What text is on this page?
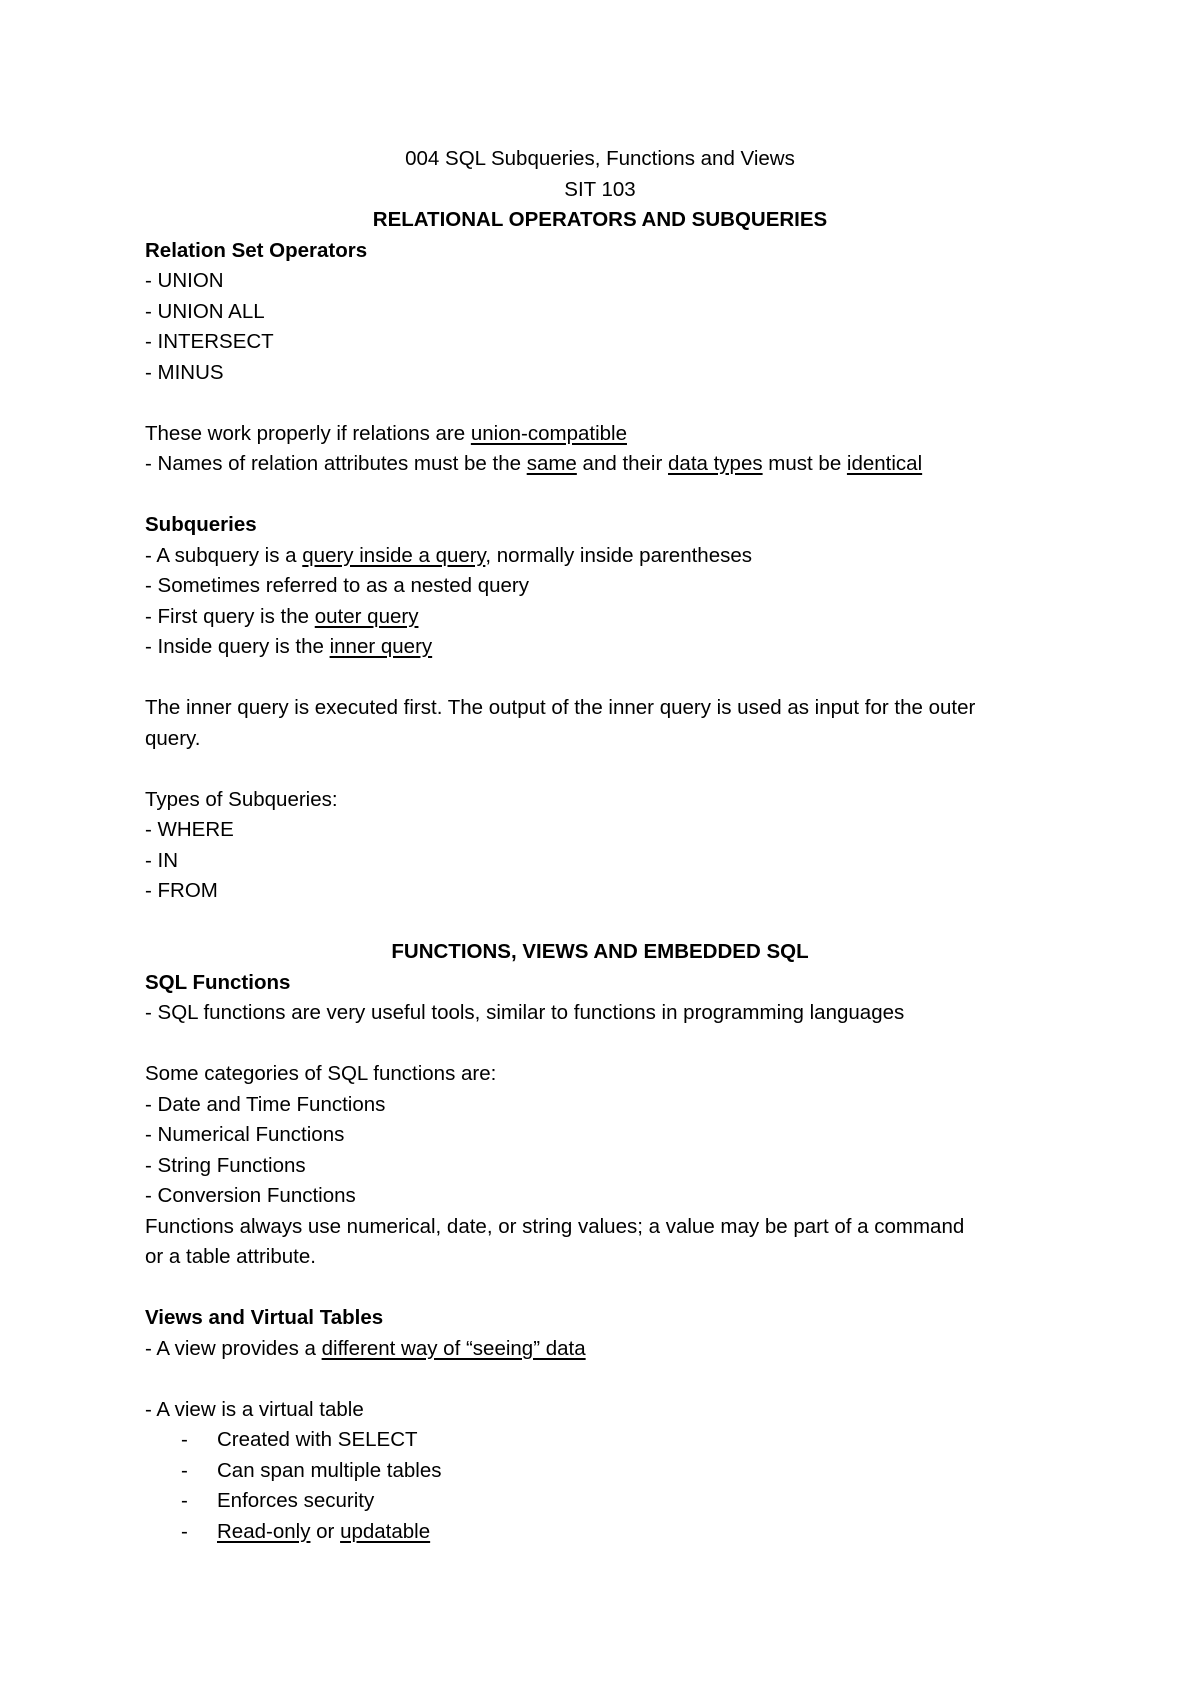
004 SQL Subqueries, Functions and Views
SIT 103
RELATIONAL OPERATORS AND SUBQUERIES
Relation Set Operators
- UNION
- UNION ALL
- INTERSECT
- MINUS
These work properly if relations are union-compatible
- Names of relation attributes must be the same and their data types must be identical
Subqueries
- A subquery is a query inside a query, normally inside parentheses
- Sometimes referred to as a nested query
- First query is the outer query
- Inside query is the inner query
The inner query is executed first. The output of the inner query is used as input for the outer
query.
Types of Subqueries:
- WHERE
- IN
- FROM
FUNCTIONS, VIEWS AND EMBEDDED SQL
SQL Functions
- SQL functions are very useful tools, similar to functions in programming languages
Some categories of SQL functions are:
- Date and Time Functions
- Numerical Functions
- String Functions
- Conversion Functions
Functions always use numerical, date, or string values; a value may be part of a command
or a table attribute.
Views and Virtual Tables
- A view provides a different way of “seeing” data
- A view is a virtual table
- Created with SELECT
- Can span multiple tables
- Enforces security
- Read-only or updatable
